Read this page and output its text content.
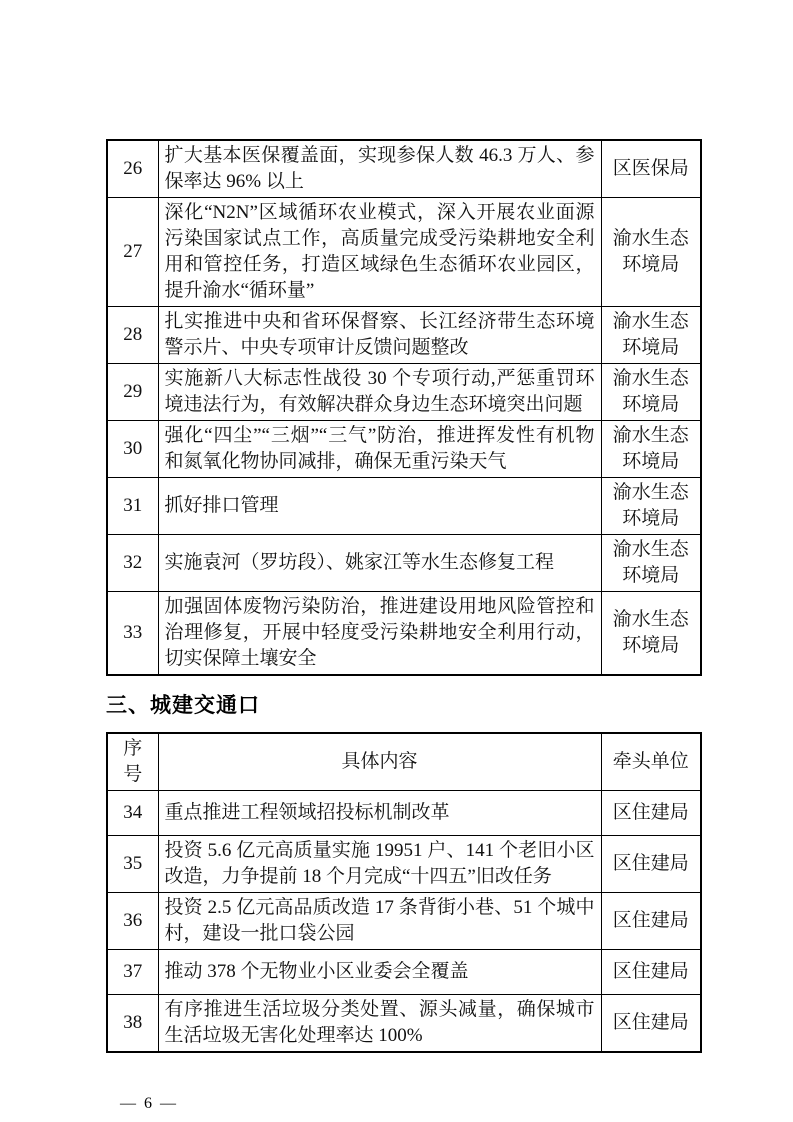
26	扩大基本医保覆盖面，实现参保人数 46.3 万人、参保率达 96% 以上	区医保局
27	深化“N2N”区域循环农业模式，深入开展农业面源污染国家试点工作，高质量完成受污染耕地安全利用和管控任务，打造区域绿色生态循环农业园区，提升渝水“循环量”	渝水生态环境局
28	扎实推进中央和省环保督察、长江经济带生态环境警示片、中央专项审计反馈问题整改	渝水生态环境局
29	实施新八大标志性战役 30 个专项行动,严惩重罚环境违法行为，有效解决群众身边生态环境突出问题	渝水生态环境局
30	强化“四尘”“三烟”“三气”防治，推进挥发性有机物和氮氧化物协同减排，确保无重污染天气	渝水生态环境局
31	抓好排口管理	渝水生态环境局
32	实施袁河（罗坊段）、姚家江等水生态修复工程	渝水生态环境局
33	加强固体废物污染防治，推进建设用地风险管控和治理修复，开展中轻度受污染耕地安全利用行动，切实保障土壤安全	渝水生态环境局
三、城建交通口
序号	具体内容	牵头单位
34	重点推进工程领域招投标机制改革	区住建局
35	投资 5.6 亿元高质量实施 19951 户、141 个老旧小区改造，力争提前 18 个月完成“十四五”旧改任务	区住建局
36	投资 2.5 亿元高品质改造 17 条背街小巷、51 个城中村，建设一批口袋公园	区住建局
37	推动 378 个无物业小区业委会全覆盖	区住建局
38	有序推进生活垃圾分类处置、源头减量，确保城市生活垃圾无害化处理率达 100%	区住建局
— 6 —
